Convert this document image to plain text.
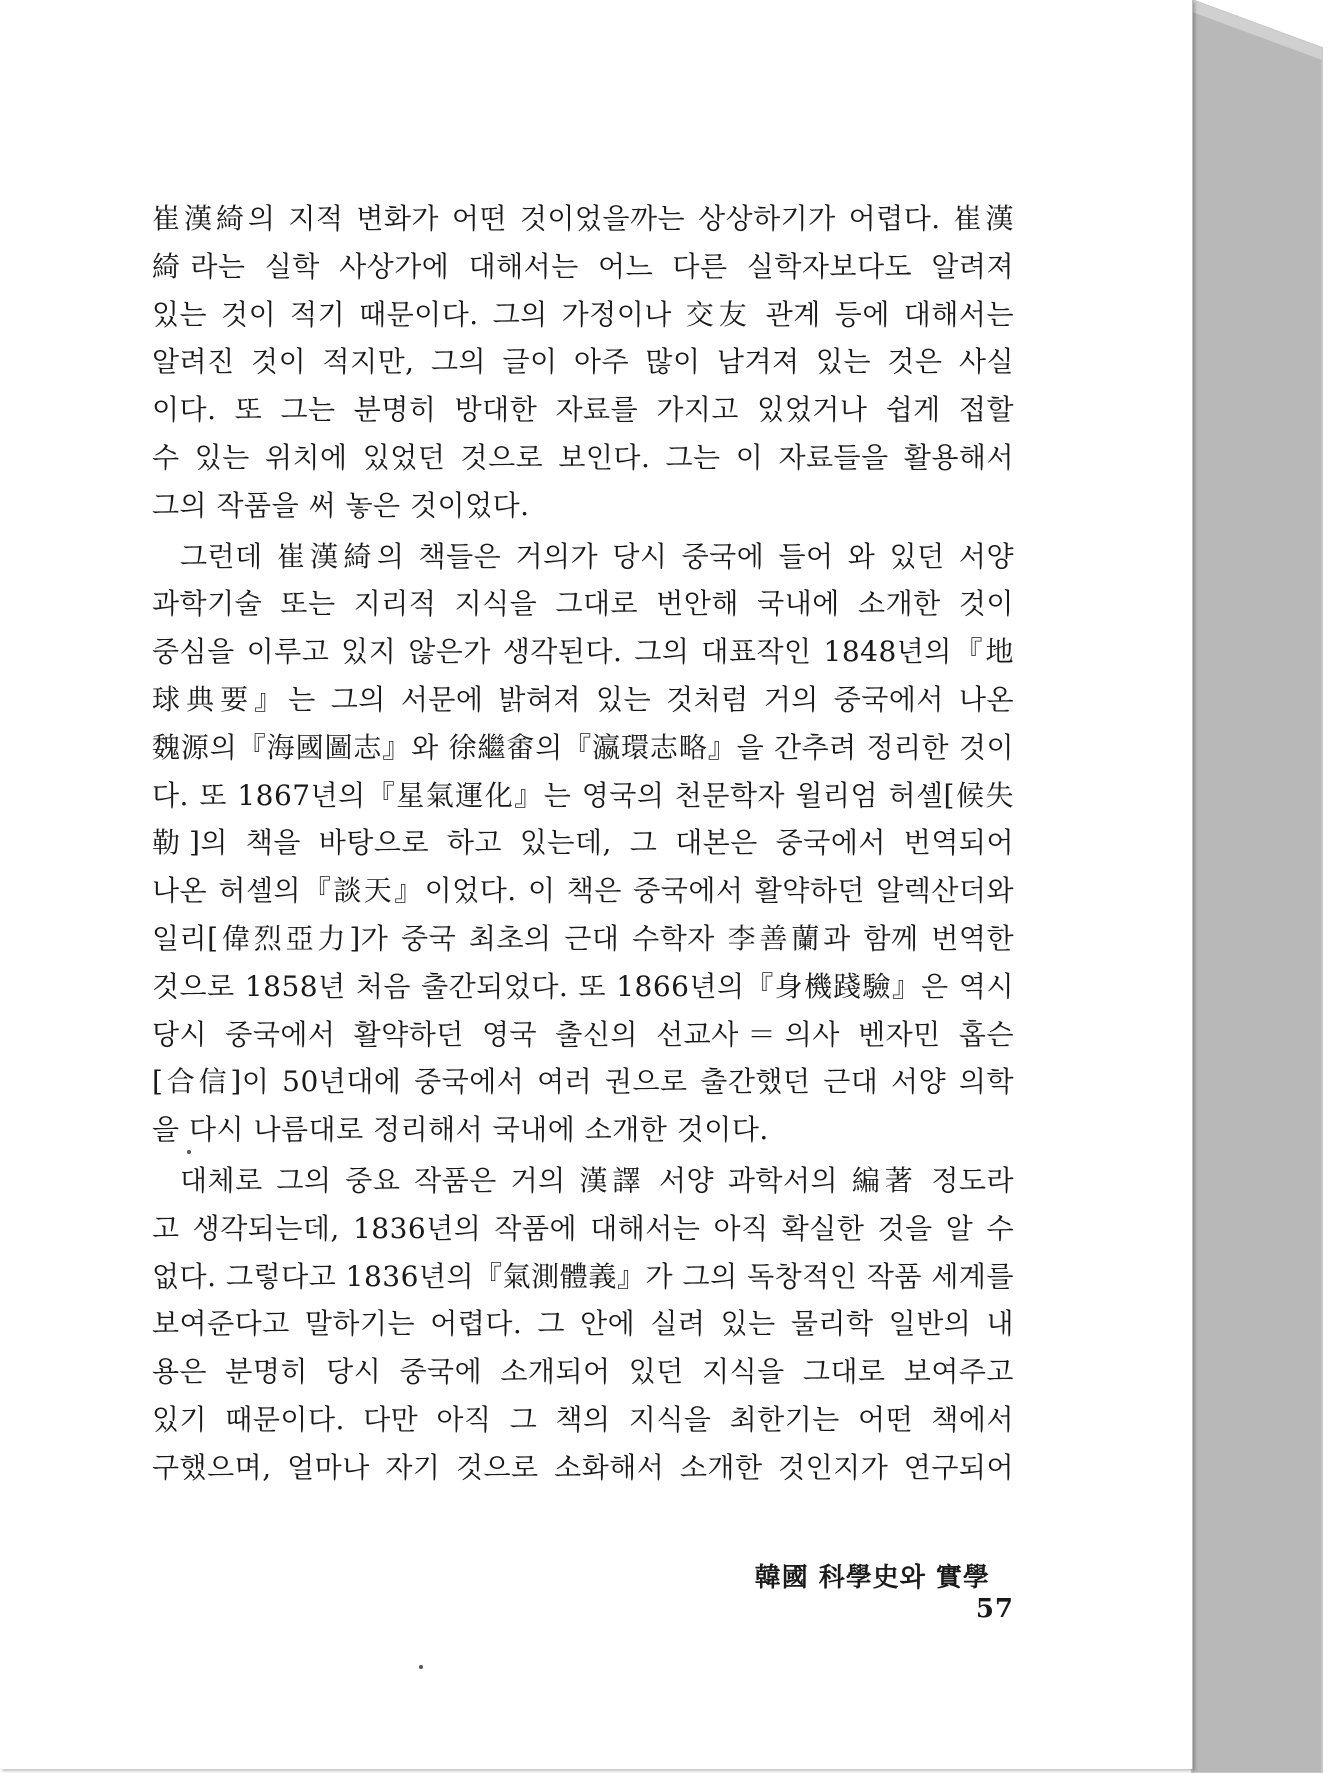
崔漢綺의 지적 변화가 어떤 것이었을까는 상상하기가 어렵다. 崔漢
綺라는 실학 사상가에 대해서는 어느 다른 실학자보다도 알려져
있는 것이 적기 때문이다. 그의 가정이나 交友 관계 등에 대해서는
알려진 것이 적지만, 그의 글이 아주 많이 남겨져 있는 것은 사실
이다. 또 그는 분명히 방대한 자료를 가지고 있었거나 쉽게 접할
수 있는 위치에 있었던 것으로 보인다. 그는 이 자료들을 활용해서
그의 작품을 써 놓은 것이었다.
그런데 崔漢綺의 책들은 거의가 당시 중국에 들어 와 있던 서양
과학기술 또는 지리적 지식을 그대로 번안해 국내에 소개한 것이
중심을 이루고 있지 않은가 생각된다. 그의 대표작인 1848년의『地
球典要』는 그의 서문에 밝혀져 있는 것처럼 거의 중국에서 나온
魏源의『海國圖志』와 徐繼畬의『瀛環志略』을 간추려 정리한 것이
다. 또 1867년의『星氣運化』는 영국의 천문학자 윌리엄 허셸[候失
勒]의 책을 바탕으로 하고 있는데, 그 대본은 중국에서 번역되어
나온 허셸의『談天』이었다. 이 책은 중국에서 활약하던 알렉산더와
일리[偉烈亞力]가 중국 최초의 근대 수학자 李善蘭과 함께 번역한
것으로 1858년 처음 출간되었다. 또 1866년의『身機踐驗』은 역시
당시 중국에서 활약하던 영국 출신의 선교사＝의사 벤자민 홉슨
[合信]이 50년대에 중국에서 여러 권으로 출간했던 근대 서양 의학
을 다시 나름대로 정리해서 국내에 소개한 것이다.
대체로 그의 중요 작품은 거의 漢譯 서양 과학서의 編著 정도라
고 생각되는데, 1836년의 작품에 대해서는 아직 확실한 것을 알 수
없다. 그렇다고 1836년의『氣測體義』가 그의 독창적인 작품 세계를
보여준다고 말하기는 어렵다. 그 안에 실려 있는 물리학 일반의 내
용은 분명히 당시 중국에 소개되어 있던 지식을 그대로 보여주고
있기 때문이다. 다만 아직 그 책의 지식을 최한기는 어떤 책에서
구했으며, 얼마나 자기 것으로 소화해서 소개한 것인지가 연구되어
韓國 科學史와 實學  57
